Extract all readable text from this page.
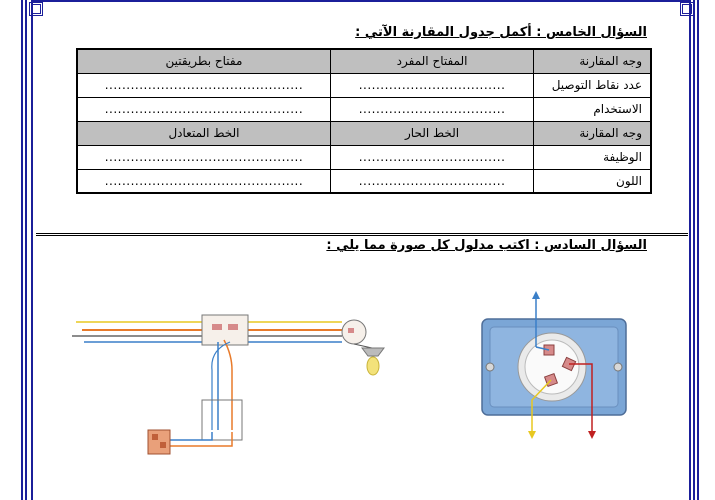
السؤال الخامس : أكمل جدول المقارنة الآتي :
وجه المقارنة	المفتاح المفرد	مفتاح بطريقتين
عدد نقاط التوصيل	..................................	..............................................
الاستخدام	..................................	..............................................
وجه المقارنة	الخط الحار	الخط المتعادل
الوظيفة	..................................	..............................................
اللون	..................................	..............................................
السؤال السادس : اكتب مدلول كل صورة مما يلي :
